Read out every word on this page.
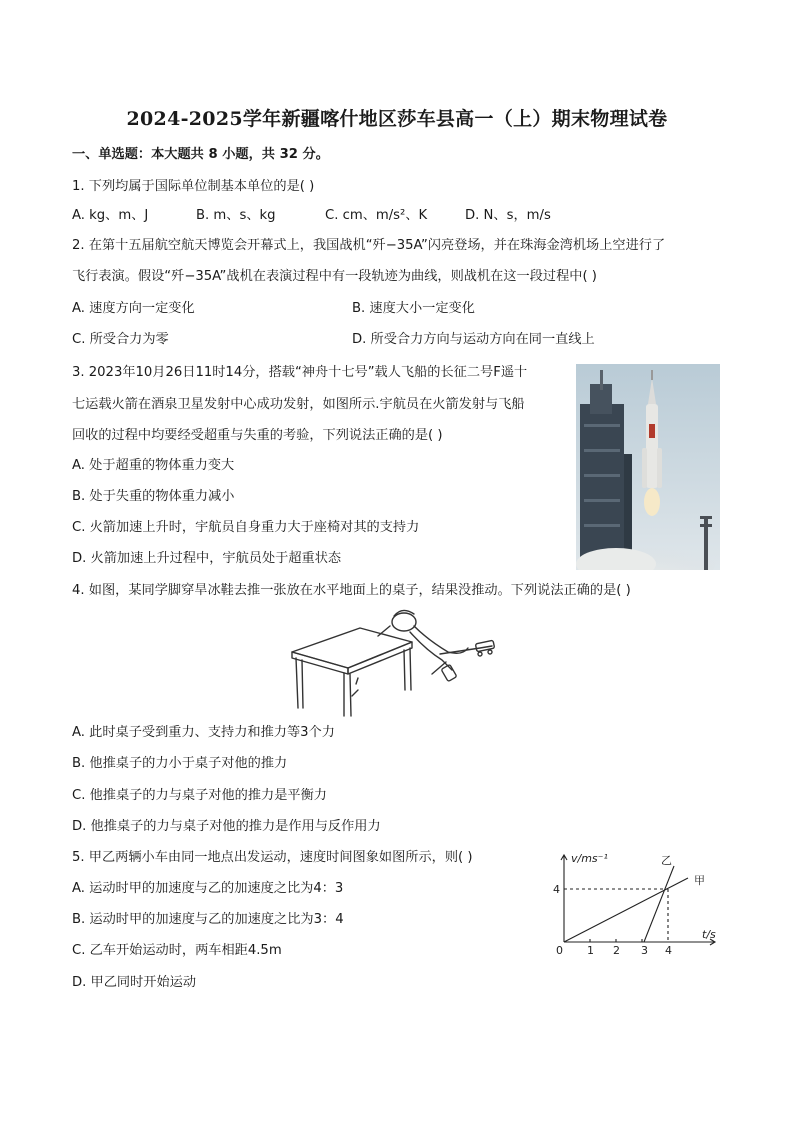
2024-2025学年新疆喀什地区莎车县高一（上）期末物理试卷
一、单选题：本大题共 8 小题，共 32 分。
1. 下列均属于国际单位制基本单位的是( )
A. kg、m、J	B. m、s、kg	C. cm、m/s²、K	D. N、s，m/s
2. 在第十五届航空航天博览会开幕式上，我国战机“歼−35A”闪亮登场，并在珠海金湾机场上空进行了
飞行表演。假设“歼−35A”战机在表演过程中有一段轨迹为曲线，则战机在这一段过程中( )
A. 速度方向一定变化	B. 速度大小一定变化
C. 所受合力为零	D. 所受合力方向与运动方向在同一直线上
3. 2023年10月26日11时14分，搭载“神舟十七号”载人飞船的长征二号F遥十
七运载火箭在酒泉卫星发射中心成功发射，如图所示.宇航员在火箭发射与飞船
回收的过程中均要经受超重与失重的考验，下列说法正确的是( )
A. 处于超重的物体重力变大
B. 处于失重的物体重力减小
C. 火箭加速上升时，宇航员自身重力大于座椅对其的支持力
D. 火箭加速上升过程中，宇航员处于超重状态
4. 如图，某同学脚穿旱冰鞋去推一张放在水平地面上的桌子，结果没推动。下列说法正确的是( )
A. 此时桌子受到重力、支持力和推力等3个力
B. 他推桌子的力小于桌子对他的推力
C. 他推桌子的力与桌子对他的推力是平衡力
D. 他推桌子的力与桌子对他的推力是作用与反作用力
5. 甲乙两辆小车由同一地点出发运动，速度时间图象如图所示，则( )
A. 运动时甲的加速度与乙的加速度之比为4：3
B. 运动时甲的加速度与乙的加速度之比为3：4
C. 乙车开始运动时，两车相距4.5m
D. 甲乙同时开始运动
v/ms⁻¹
t/s
0 1 2 3 4
4
甲
乙
